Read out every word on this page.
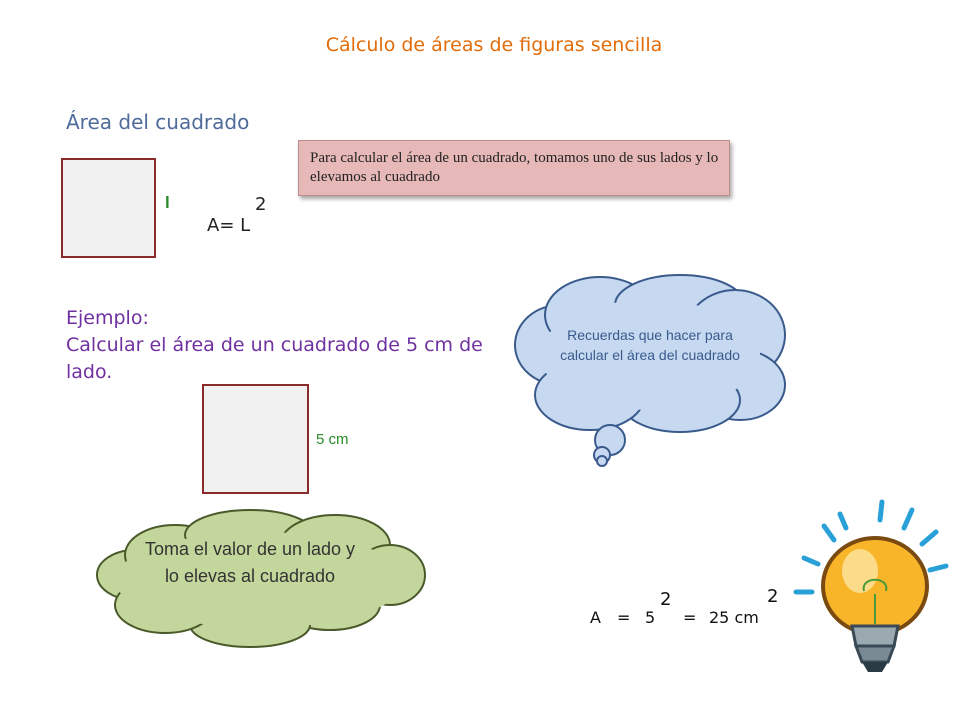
Cálculo de áreas de figuras sencilla
Área del cuadrado
l
A= L
2
Para calcular el área de un cuadrado, tomamos uno de sus lados y lo elevamos al cuadrado
Ejemplo:
Calcular el área de un cuadrado de 5 cm de lado.
5 cm
Recuerdas que hacer para calcular el área del cuadrado
Toma el valor de un lado y lo elevas al cuadrado
A = 5
2
= 25 cm
2
